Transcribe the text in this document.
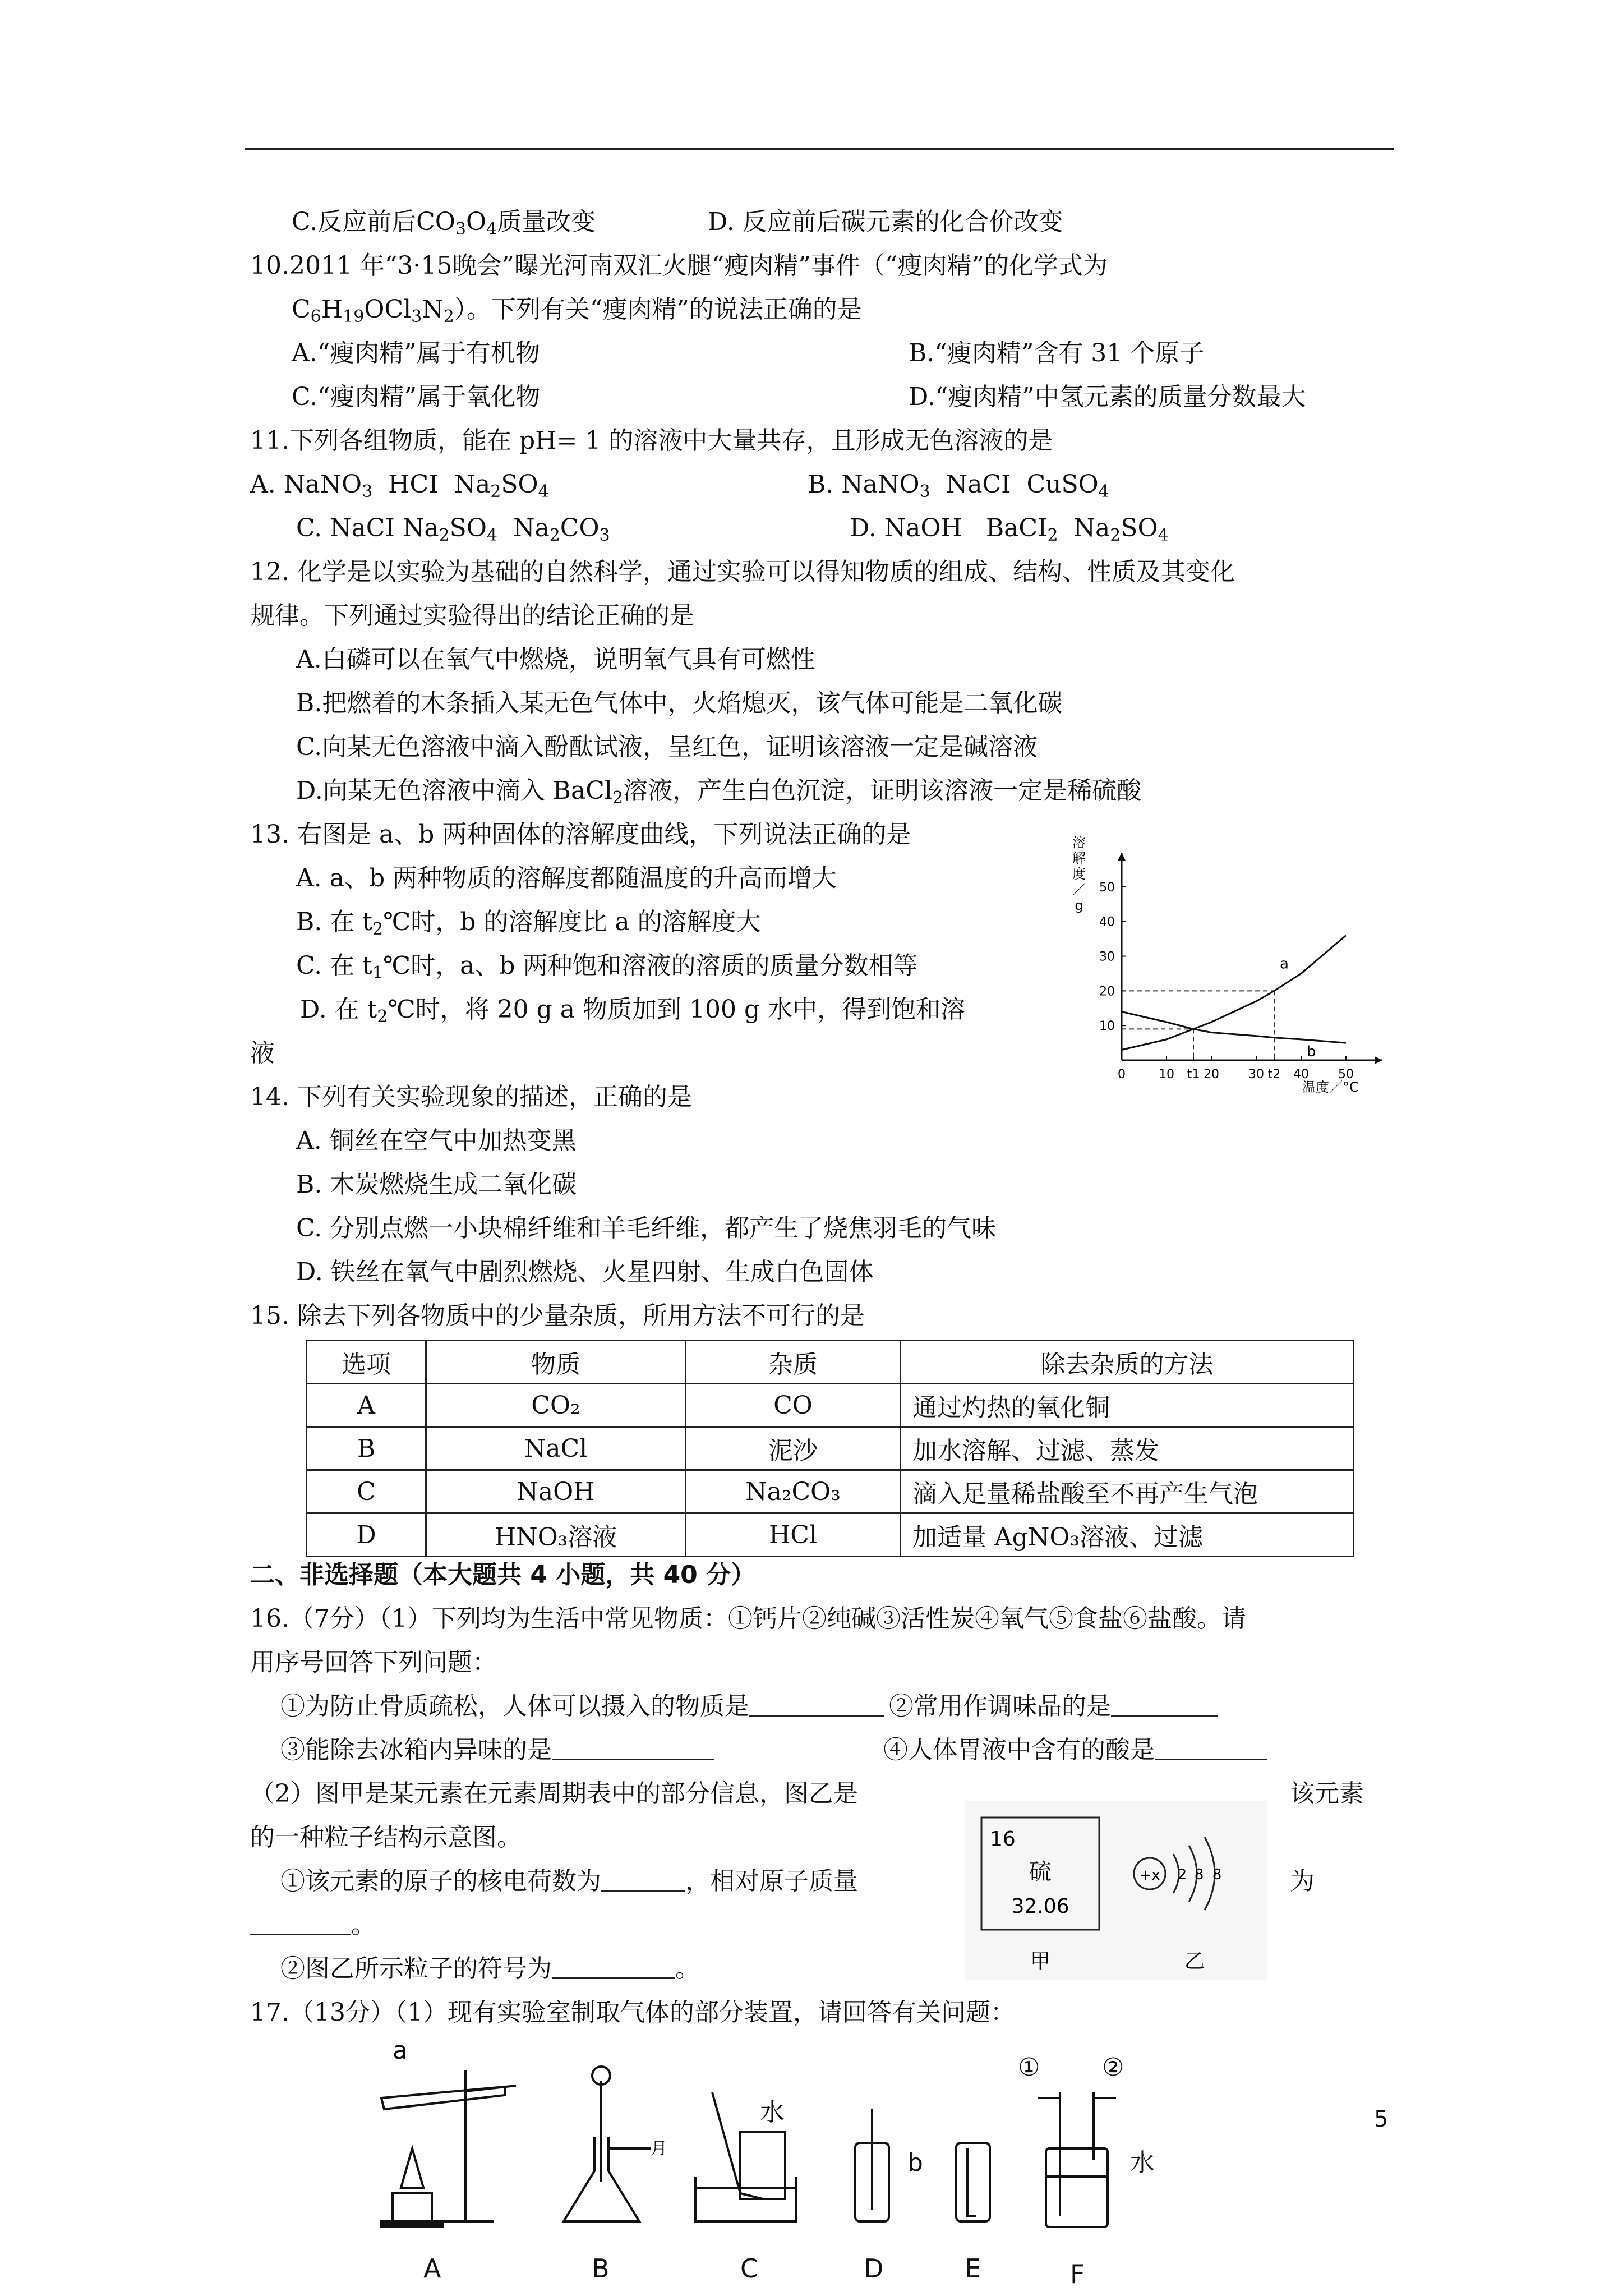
C.反应前后$CO_3O_4$质量改变	D. 反应前后碳元素的化合价改变
10.2011 年“3·15晚会”曝光河南双汇火腿“瘦肉精”事件（“瘦肉精”的化学式为
$C_6H_{19}OCl_3N_2$）。下列有关“瘦肉精”的说法正确的是
A.“瘦肉精”属于有机物	B.“瘦肉精”含有 31 个原子
C.“瘦肉精”属于氧化物	D.“瘦肉精”中氢元素的质量分数最大
11.下列各组物质，能在 pH= 1 的溶液中大量共存，且形成无色溶液的是
A. NaNO$_3$  HCI  $Na_2SO_4$	B. NaNO$_3$  NaCI  CuSO$_4$
C. NaCI $Na_2SO_4$  $Na_2CO_3$	D. NaOH   BaCI$_2$  $Na_2SO_4$
12. 化学是以实验为基础的自然科学，通过实验可以得知物质的组成、结构、性质及其变化
规律。下列通过实验得出的结论正确的是
A.白磷可以在氧气中燃烧，说明氧气具有可燃性
B.把燃着的木条插入某无色气体中，火焰熄灭，该气体可能是二氧化碳
C.向某无色溶液中滴入酚酞试液，呈红色，证明该溶液一定是碱溶液
D.向某无色溶液中滴入 BaCl$_2$溶液，产生白色沉淀，证明该溶液一定是稀硫酸
13. 右图是 a、b 两种固体的溶解度曲线，下列说法正确的是
A. a、b 两种物质的溶解度都随温度的升高而增大
B. 在 $t_2℃$时，b 的溶解度比 a 的溶解度大
C. 在 $t_1℃$时，a、b 两种饱和溶液的溶质的质量分数相等
D. 在 $t_2℃$时，将 20 g a 物质加到 100 g 水中，得到饱和溶
液
10
20
30
40
50
0	10 t1 20 30 t2 40 50
a
b
温度／°C
溶
解
度
／
g
14. 下列有关实验现象的描述，正确的是
A. 铜丝在空气中加热变黑
B. 木炭燃烧生成二氧化碳
C. 分别点燃一小块棉纤维和羊毛纤维，都产生了烧焦羽毛的气味
D. 铁丝在氧气中剧烈燃烧、火星四射、生成白色固体
15. 除去下列各物质中的少量杂质，所用方法不可行的是
选项	物质	杂质	除去杂质的方法
A	CO₂	CO	通过灼热的氧化铜
B	NaCl	泥沙	加水溶解、过滤、蒸发
C	NaOH	Na₂CO₃	滴入足量稀盐酸至不再产生气泡
D	HNO₃溶液	HCl	加适量 AgNO₃溶液、过滤
二、非选择题（本大题共 4 小题，共 40 分）
16.（7分）（1）下列均为生活中常见物质：①钙片②纯碱③活性炭④氧气⑤食盐⑥盐酸。请
用序号回答下列问题：
①为防止骨质疏松，人体可以摄入的物质是	②常用作调味品的是
③能除去冰箱内异味的是	④人体胃液中含有的酸是
（2）图甲是某元素在元素周期表中的部分信息，图乙是	该元素
的一种粒子结构示意图。
①该元素的原子的核电荷数为	，相对原子质量	为
。
②图乙所示粒子的符号为	。
16
硫
32.06
甲
+x 2 8 8
乙
17.（13分）（1）现有实验室制取气体的部分装置，请回答有关问题：
a
月
水
b
①	②
水
A	B	C	D	E	F
5
